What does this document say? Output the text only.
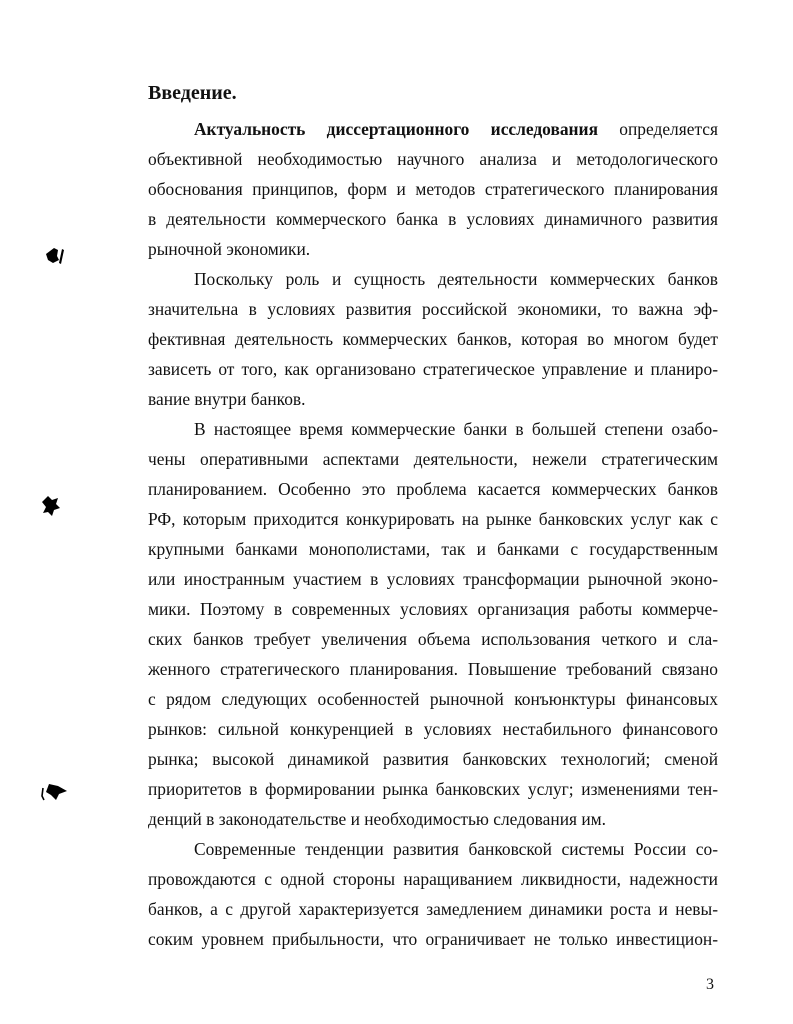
Введение.
Актуальность диссертационного исследования определяется
объективной необходимостью научного анализа и методологического
обоснования принципов, форм и методов стратегического планирования
в деятельности коммерческого банка в условиях динамичного развития
рыночной экономики.
Поскольку роль и сущность деятельности коммерческих банков
значительна в условиях развития российской экономики, то важна эф-
фективная деятельность коммерческих банков, которая во многом будет
зависеть от того, как организовано стратегическое управление и планиро-
вание внутри банков.
В настоящее время коммерческие банки в большей степени озабо-
чены оперативными аспектами деятельности, нежели стратегическим
планированием. Особенно это проблема касается коммерческих банков
РФ, которым приходится конкурировать на рынке банковских услуг как с
крупными банками монополистами, так и банками с государственным
или иностранным участием в условиях трансформации рыночной эконо-
мики. Поэтому в современных условиях организация работы коммерче-
ских банков требует увеличения объема использования четкого и сла-
женного стратегического планирования. Повышение требований связано
с рядом следующих особенностей рыночной конъюнктуры финансовых
рынков: сильной конкуренцией в условиях нестабильного финансового
рынка; высокой динамикой развития банковских технологий; сменой
приоритетов в формировании рынка банковских услуг; изменениями тен-
денций в законодательстве и необходимостью следования им.
Современные тенденции развития банковской системы России со-
провождаются с одной стороны наращиванием ликвидности, надежности
банков, а с другой характеризуется замедлением динамики роста и невы-
соким уровнем прибыльности, что ограничивает не только инвестицион-
3
